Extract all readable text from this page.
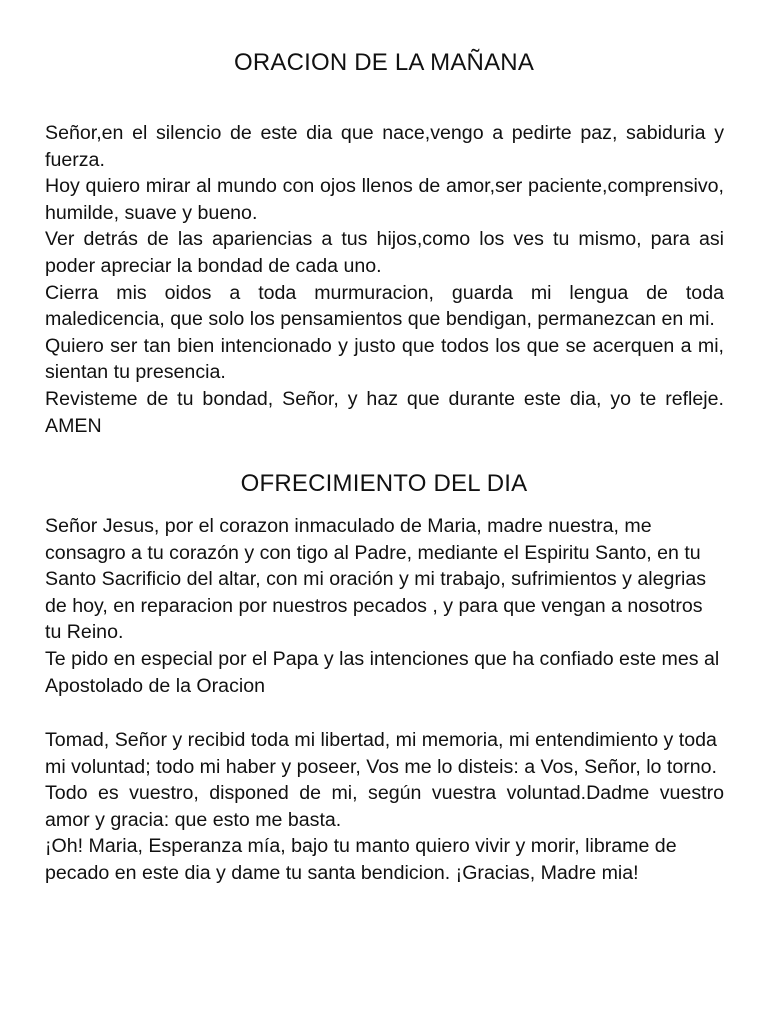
ORACION DE LA MAÑANA

Señor,en el silencio de este dia que nace,vengo a pedirte paz, sabiduria y fuerza.

Hoy quiero mirar al mundo con ojos llenos de amor,ser paciente,comprensivo, humilde, suave y bueno.

Ver detrás de las apariencias a tus hijos,como los ves tu mismo, para asi poder apreciar la bondad de cada uno.

Cierra mis oidos a toda murmuracion, guarda mi lengua de toda maledicencia, que solo los pensamientos que bendigan, permanezcan en mi.

Quiero ser tan bien intencionado y justo que todos los que se acerquen a mi, sientan tu presencia.

Revisteme de tu bondad, Señor, y haz que durante este dia, yo te refleje. AMEN

OFRECIMIENTO DEL DIA

Señor Jesus, por el corazon inmaculado de Maria, madre nuestra, me consagro a tu corazón y con tigo al Padre, mediante el Espiritu Santo, en tu Santo Sacrificio del altar, con mi oración y mi trabajo, sufrimientos y alegrias de hoy, en reparacion por nuestros pecados , y para que vengan a nosotros tu Reino.

Te pido en especial por el Papa y las intenciones que ha confiado este mes al Apostolado de la Oracion

Tomad, Señor y recibid toda mi libertad, mi memoria, mi entendimiento y toda mi voluntad; todo mi haber y poseer, Vos me lo disteis: a Vos, Señor, lo torno.

Todo es vuestro, disponed de mi, según vuestra voluntad.Dadme vuestro amor y gracia: que esto me basta.

¡Oh! Maria, Esperanza mía, bajo tu manto quiero vivir y morir, librame de pecado en este dia y dame tu santa bendicion. ¡Gracias, Madre mia!
